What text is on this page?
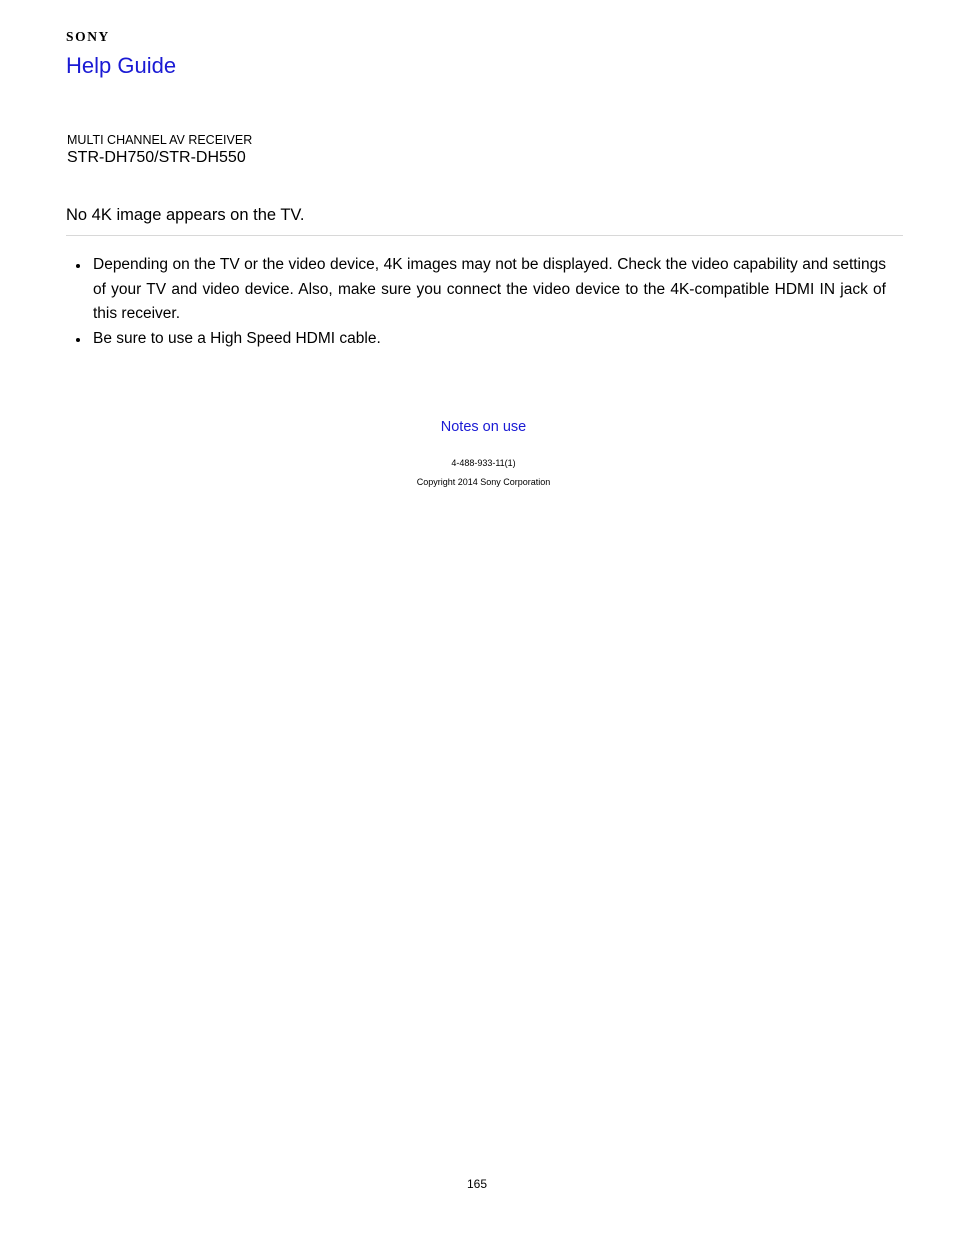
SONY
Help Guide
MULTI CHANNEL AV RECEIVER
STR-DH750/STR-DH550
No 4K image appears on the TV.
Depending on the TV or the video device, 4K images may not be displayed. Check the video capability and settings of your TV and video device. Also, make sure you connect the video device to the 4K-compatible HDMI IN jack of this receiver.
Be sure to use a High Speed HDMI cable.
Notes on use
4-488-933-11(1)
Copyright 2014 Sony Corporation
165
